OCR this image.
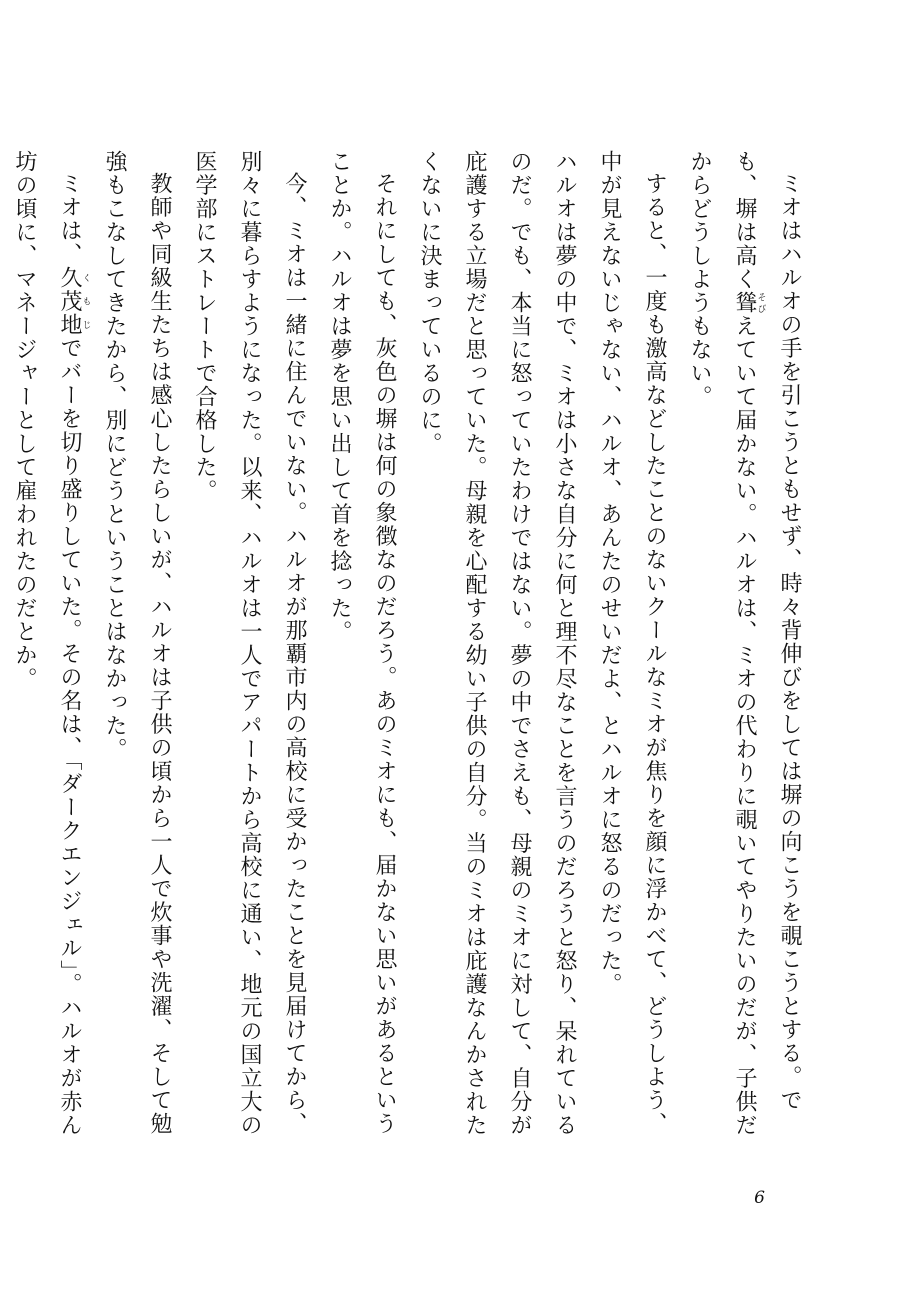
ミオはハルオの手を引こうともせず、時々背伸びをしては塀の向こうを覗こうとする。でも、塀は高く聳そびえていて届かない。ハルオは、ミオの代わりに覗いてやりたいのだが、子供だからどうしようもない。

すると、一度も激高などしたことのないクールなミオが焦りを顔に浮かべて、どうしよう、中が見えないじゃない、ハルオ、あんたのせいだよ、とハルオに怒るのだった。

ハルオは夢の中で、ミオは小さな自分に何と理不尽なことを言うのだろうと怒り、呆れているのだ。でも、本当に怒っていたわけではない。夢の中でさえも、母親のミオに対して、自分が庇護する立場だと思っていた。母親を心配する幼い子供の自分。当のミオは庇護なんかされたくないに決まっているのに。

それにしても、灰色の塀は何の象徴なのだろう。あのミオにも、届かない思いがあるということか。ハルオは夢を思い出して首を捻った。

今、ミオは一緒に住んでいない。ハルオが那覇市内の高校に受かったことを見届けてから、別々に暮らすようになった。以来、ハルオは一人でアパートから高校に通い、地元の国立大の医学部にストレートで合格した。

教師や同級生たちは感心したらしいが、ハルオは子供の頃から一人で炊事や洗濯、そして勉強もこなしてきたから、別にどうということはなかった。

ミオは、久茂地くもじでバーを切り盛りしていた。その名は、「ダークエンジェル」。ハルオが赤ん坊の頃に、マネージャーとして雇われたのだとか。

6
